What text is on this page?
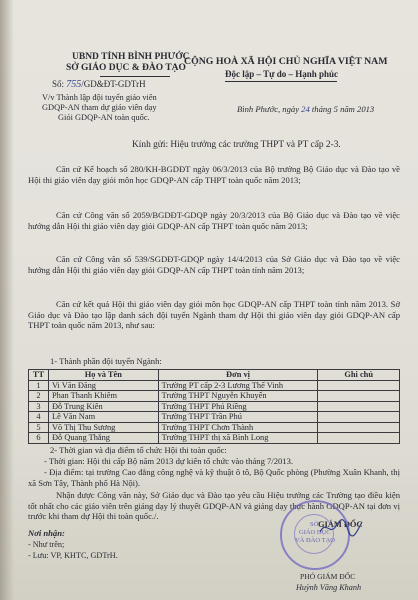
UBND TỈNH BÌNH PHƯỚC
SỞ GIÁO DỤC & ĐÀO TẠO
Số: 755/GD&ĐT-GDTrH
V/v Thành lập đội tuyển giáo viên
GDQP-AN tham dự giáo viên dạy
Giỏi GDQP-AN toàn quốc.
CỘNG HOÀ XÃ HỘI CHỦ NGHĨA VIỆT NAM
Độc lập – Tự do – Hạnh phúc
Bình Phước, ngày 24 tháng 5 năm 2013
Kính gửi: Hiệu trưởng các trường THPT và PT cấp 2-3.
Căn cứ Kế hoạch số 280/KH-BGDĐT ngày 06/3/2013 của Bộ trưởng Bộ Giáo dục và Đào tạo về Hội thi giáo viên dạy giỏi môn học GDQP-AN cấp THPT toàn quốc năm 2013;
Căn cứ Công văn số 2059/BGDĐT-GDQP ngày 20/3/2013 của Bộ Giáo dục và Đào tạo về việc hướng dẫn Hội thi giáo viên dạy giỏi GDQP-AN cấp THPT toàn quốc năm 2013;
Căn cứ Công văn số 539/SGDĐT-GDQP ngày 14/4/2013 của Sở Giáo dục và Đào tạo về việc hướng dẫn Hội thi giáo viên dạy giỏi GDQP-AN cấp THPT toàn tỉnh năm 2013;
Căn cứ kết quả Hội thi giáo viên dạy giỏi môn học GDQP-AN cấp THPT toàn tỉnh năm 2013. Sở Giáo dục và Đào tạo lập danh sách đội tuyển Ngành tham dự Hội thi giáo viên dạy giỏi GDQP-AN cấp THPT toàn quốc năm 2013, như sau:
1- Thành phần đội tuyển Ngành:
TT	Họ và Tên	Đơn vị	Ghi chú
1	Vi Văn Đăng	Trường PT cấp 2-3 Lương Thế Vinh	
2	Phan Thanh Khiêm	Trường THPT Nguyễn Khuyến	
3	Đỗ Trung Kiên	Trường THPT Phú Riềng	
4	Lê Văn Nam	Trường THPT Trần Phú	
5	Võ Thị Thu Sương	Trường THPT Chơn Thành	
6	Đỗ Quang Thắng	Trường THPT thị xã Bình Long	
2- Thời gian và địa điểm tổ chức Hội thi toàn quốc:
- Thời gian: Hội thi cấp Bộ năm 2013 dự kiến tổ chức vào tháng 7/2013.
- Địa điểm: tại trường Cao đẳng công nghệ và kỹ thuật ô tô, Bộ Quốc phòng (Phường Xuân Khanh, thị xã Sơn Tây, Thành phố Hà Nội).
Nhận được Công văn này, Sở Giáo dục và Đào tạo yêu cầu Hiệu trưởng các Trường tạo điều kiện tốt nhất cho các giáo viên trên giảng dạy lý thuyết GDQP-AN và giảng dạy thực hành GDQP-AN tại đơn vị trước khi tham dự Hội thi toàn quốc./.
Nơi nhận:
- Như trên;
- Lưu: VP, KHTC, GDTrH.
GIÁM ĐỐC
SỞ
GIÁO DỤC
VÀ ĐÀO TẠO
PHÓ GIÁM ĐỐC
Huỳnh Văng Khanh
